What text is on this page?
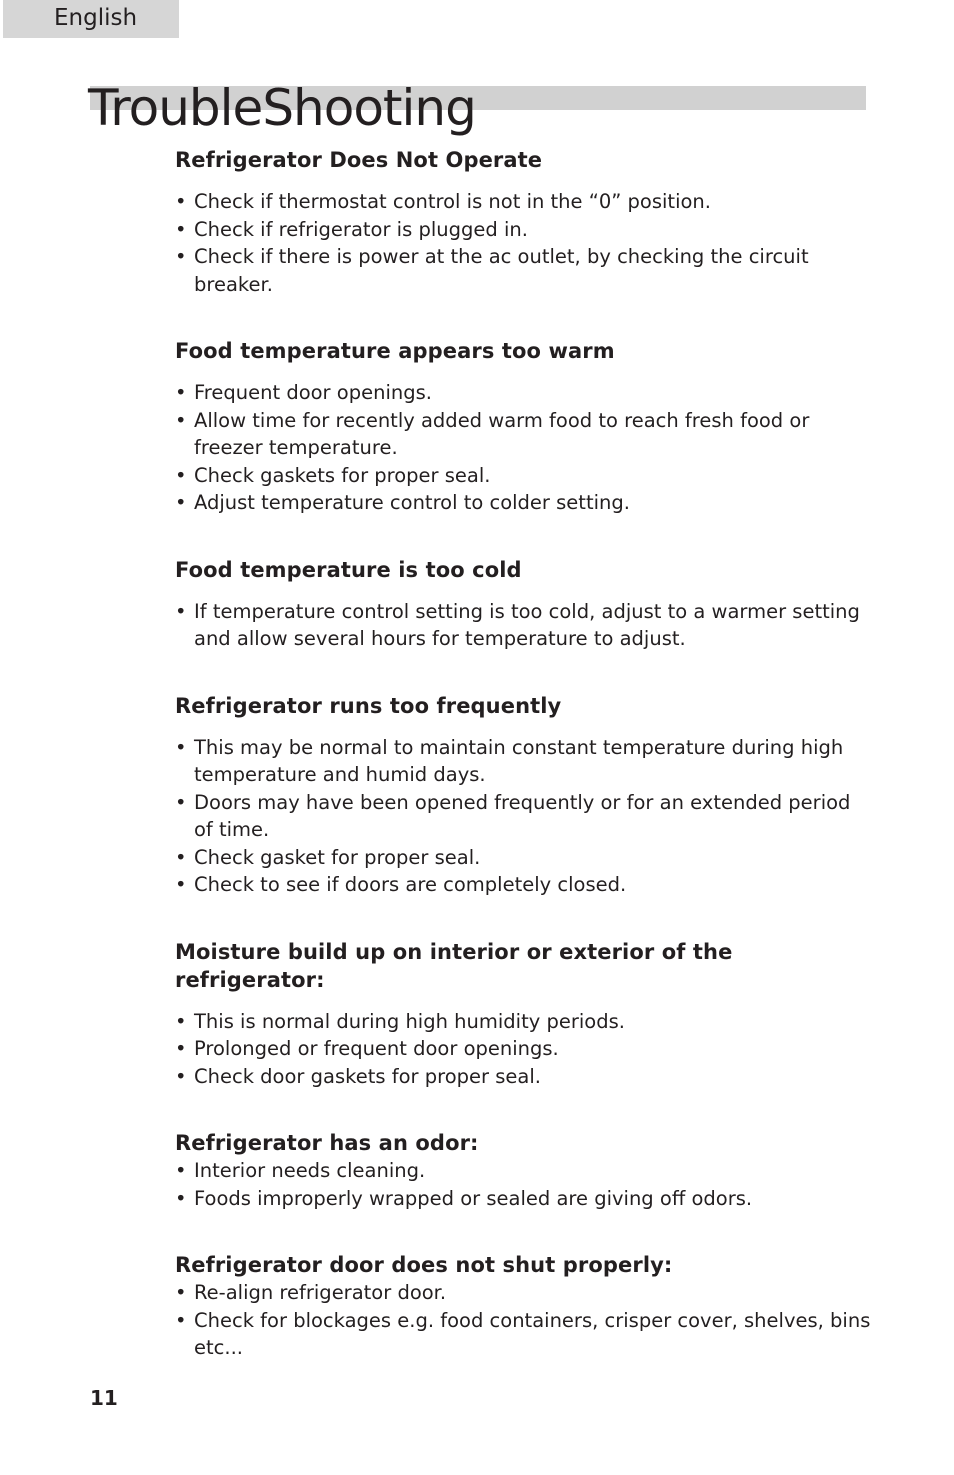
English
TroubleShooting
Refrigerator Does Not Operate
• Check if thermostat control is not in the “0” position.
• Check if refrigerator is plugged in.
• Check if there is power at the ac outlet, by checking the circuit breaker.
Food temperature appears too warm
• Frequent door openings.
• Allow time for recently added warm food to reach fresh food or freezer temperature.
• Check gaskets for proper seal.
• Adjust temperature control to colder setting.
Food temperature is too cold
• If temperature control setting is too cold, adjust to a warmer setting and allow several hours for temperature to adjust.
Refrigerator runs too frequently
• This may be normal to maintain constant temperature during high temperature and humid days.
• Doors may have been opened frequently or for an extended period of time.
• Check gasket for proper seal.
• Check to see if doors are completely closed.
Moisture build up on interior or exterior of the refrigerator:
• This is normal during high humidity periods.
• Prolonged or frequent door openings.
• Check door gaskets for proper seal.
Refrigerator has an odor:
• Interior needs cleaning.
• Foods improperly wrapped or sealed are giving off odors.
Refrigerator door does not shut properly:
• Re-align refrigerator door.
• Check for blockages e.g. food containers, crisper cover, shelves, bins etc...
11
